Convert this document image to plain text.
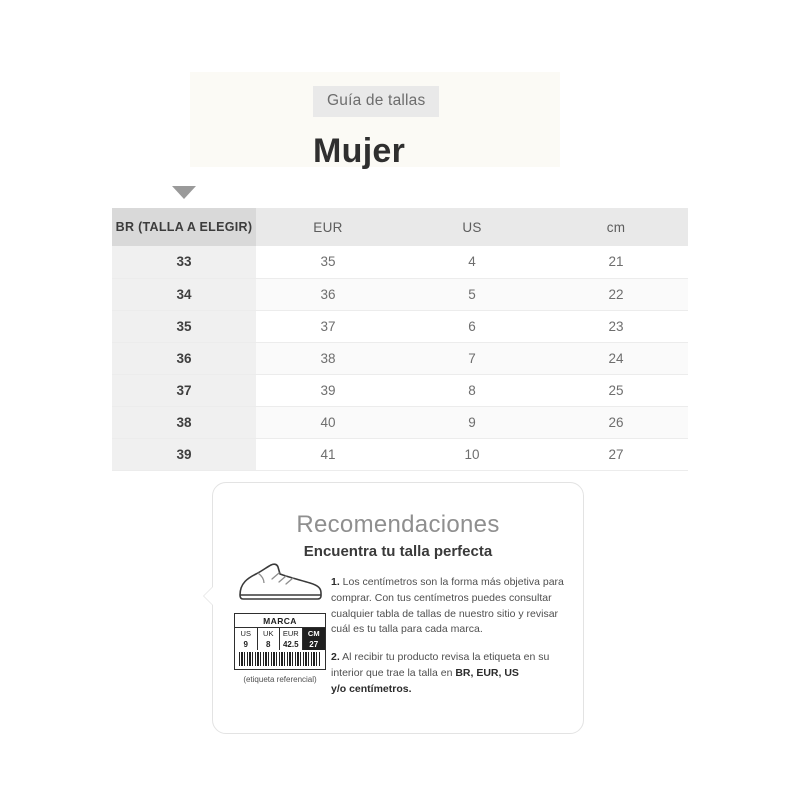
Guía de tallas
Mujer
BR (TALLA A ELEGIR)	EUR	US	cm
33	35	4	21
34	36	5	22
35	37	6	23
36	38	7	24
37	39	8	25
38	40	9	26
39	41	10	27
Recomendaciones
Encuentra tu talla perfecta
MARCA
US	UK	EUR	CM
9	8	42.5	27
(etiqueta referencial)

1. Los centímetros son la forma más objetiva para comprar. Con tus centímetros puedes consultar cualquier tabla de tallas de nuestro sitio y revisar cuál es tu talla para cada marca.

2. Al recibir tu producto revisa la etiqueta en su interior que trae la talla en BR, EUR, US
y/o centímetros.
